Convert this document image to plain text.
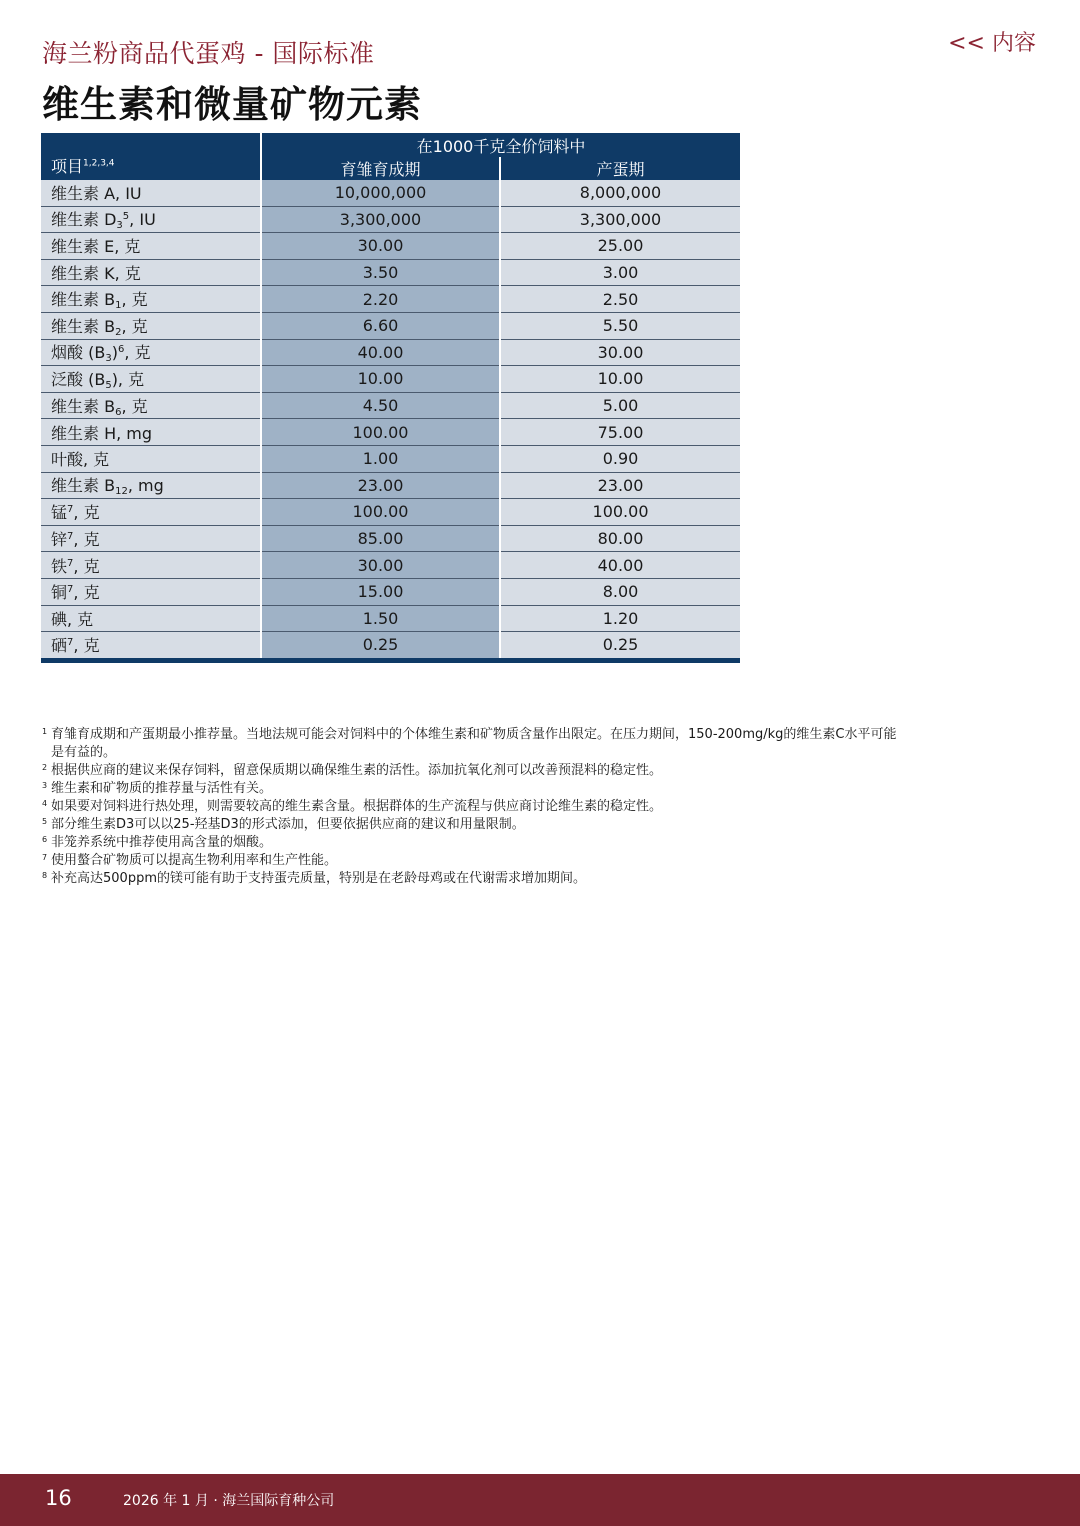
海兰粉商品代蛋鸡 - 国际标准	<< 内容
维生素和微量矿物元素
项目$^{1,2,3,4}$	在1000千克全价饲料中	
	育雏育成期	产蛋期
维生素 A, IU	10,000,000	8,000,000
维生素 $D_3^5$, IU	3,300,000	3,300,000
维生素 E, 克	30.00	25.00
维生素 K, 克	3.50	3.00
维生素 $B_1$, 克	2.20	2.50
维生素 $B_2$, 克	6.60	5.50
烟酸 $(B_3)^6$, 克	40.00	30.00
泛酸 $(B_5)$, 克	10.00	10.00
维生素 $B_6$, 克	4.50	5.00
维生素 H, mg	100.00	75.00
叶酸, 克	1.00	0.90
维生素 $B_{12}$, mg	23.00	23.00
锰$^7$, 克	100.00	100.00
锌$^7$, 克	85.00	80.00
铁$^7$, 克	30.00	40.00
铜$^7$, 克	15.00	8.00
碘, 克	1.50	1.20
硒$^7$, 克	0.25	0.25
1 育雏育成期和产蛋期最小推荐量。当地法规可能会对饲料中的个体维生素和矿物质含量作出限定。在压力期间，150-200mg/kg的维生素C水平可能是有益的。
2 根据供应商的建议来保存饲料，留意保质期以确保维生素的活性。添加抗氧化剂可以改善预混料的稳定性。
3 维生素和矿物质的推荐量与活性有关。
4 如果要对饲料进行热处理，则需要较高的维生素含量。根据群体的生产流程与供应商讨论维生素的稳定性。
5 部分维生素D3可以以25-羟基D3的形式添加，但要依据供应商的建议和用量限制。
6 非笼养系统中推荐使用高含量的烟酸。
7 使用螯合矿物质可以提高生物利用率和生产性能。
8 补充高达500ppm的镁可能有助于支持蛋壳质量，特别是在老龄母鸡或在代谢需求增加期间。
16	2026 年 1 月 · 海兰国际育种公司
